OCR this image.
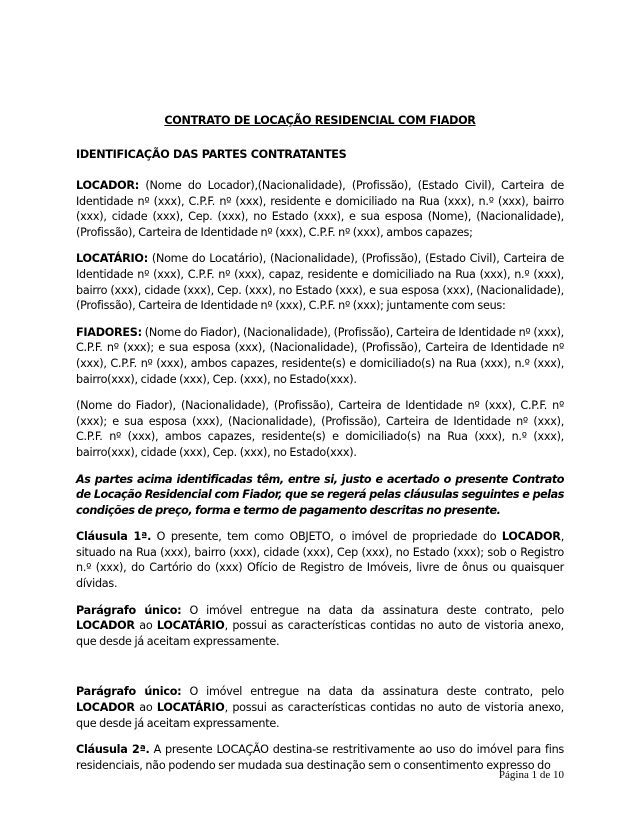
CONTRATO DE LOCAÇÃO RESIDENCIAL COM FIADOR
IDENTIFICAÇÃO DAS PARTES CONTRATANTES

LOCADOR: (Nome do Locador),(Nacionalidade), (Profissão), (Estado Civil), Carteira de Identidade nº (xxx), C.P.F. nº (xxx), residente e domiciliado na Rua (xxx), n.º (xxx), bairro (xxx), cidade (xxx), Cep. (xxx), no Estado (xxx), e sua esposa (Nome), (Nacionalidade), (Profissão), Carteira de Identidade nº (xxx), C.P.F. nº (xxx), ambos capazes;

LOCATÁRIO: (Nome do Locatário), (Nacionalidade), (Profissão), (Estado Civil), Carteira de Identidade nº (xxx), C.P.F. nº (xxx), capaz, residente e domiciliado na Rua (xxx), n.º (xxx), bairro (xxx), cidade (xxx), Cep. (xxx), no Estado (xxx), e sua esposa (xxx), (Nacionalidade), (Profissão), Carteira de Identidade nº (xxx), C.P.F. nº (xxx); juntamente com seus:

FIADORES: (Nome do Fiador), (Nacionalidade), (Profissão), Carteira de Identidade nº (xxx), C.P.F. nº (xxx); e sua esposa (xxx), (Nacionalidade), (Profissão), Carteira de Identidade nº (xxx), C.P.F. nº (xxx), ambos capazes, residente(s) e domiciliado(s) na Rua (xxx), n.º (xxx), bairro(xxx), cidade (xxx), Cep. (xxx), no Estado(xxx).

(Nome do Fiador), (Nacionalidade), (Profissão), Carteira de Identidade nº (xxx), C.P.F. nº (xxx); e sua esposa (xxx), (Nacionalidade), (Profissão), Carteira de Identidade nº (xxx), C.P.F. nº (xxx), ambos capazes, residente(s) e domiciliado(s) na Rua (xxx), n.º (xxx), bairro(xxx), cidade (xxx), Cep. (xxx), no Estado(xxx).

As partes acima identificadas têm, entre si, justo e acertado o presente Contrato de Locação Residencial com Fiador, que se regerá pelas cláusulas seguintes e pelas condições de preço, forma e termo de pagamento descritas no presente.

Cláusula 1ª. O presente, tem como OBJETO, o imóvel de propriedade do LOCADOR, situado na Rua (xxx), bairro (xxx), cidade (xxx), Cep (xxx), no Estado (xxx); sob o Registro n.º (xxx), do Cartório do (xxx) Ofício de Registro de Imóveis, livre de ônus ou quaisquer dívidas.

Parágrafo único: O imóvel entregue na data da assinatura deste contrato, pelo LOCADOR ao LOCATÁRIO, possui as características contidas no auto de vistoria anexo, que desde já aceitam expressamente.

Parágrafo único: O imóvel entregue na data da assinatura deste contrato, pelo LOCADOR ao LOCATÁRIO, possui as características contidas no auto de vistoria anexo, que desde já aceitam expressamente.

Cláusula 2ª. A presente LOCAÇÃO destina-se restritivamente ao uso do imóvel para fins residenciais, não podendo ser mudada sua destinação sem o consentimento expresso do

Página 1 de 10
